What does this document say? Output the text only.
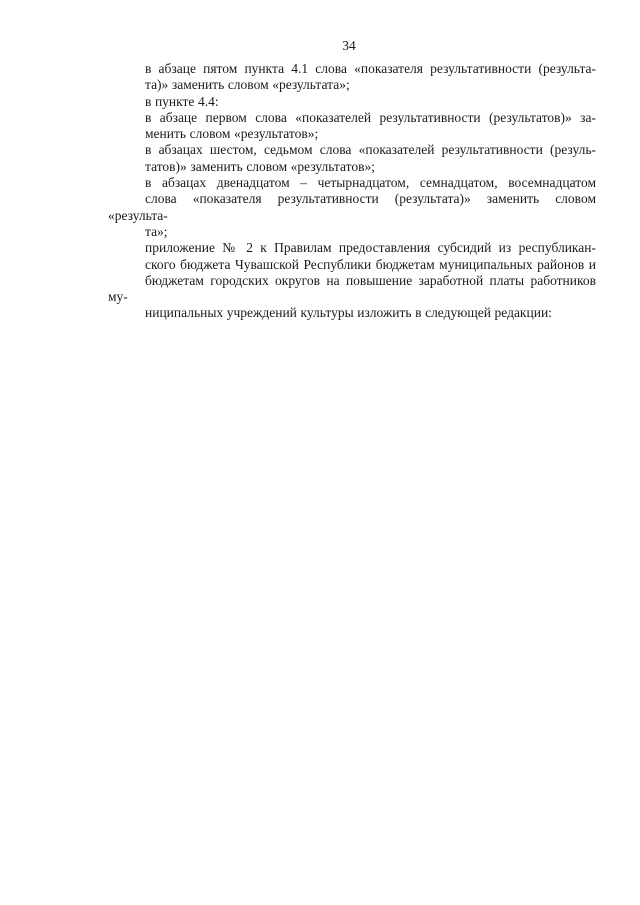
34

в абзаце пятом пункта 4.1 слова «показателя результативности (результа-
та)» заменить словом «результата»;

в пункте 4.4:

в абзаце первом слова «показателей результативности (результатов)» за-
менить словом «результатов»;

в абзацах шестом, седьмом слова «показателей результативности (резуль-
татов)» заменить словом «результатов»;

в абзацах двенадцатом – четырнадцатом, семнадцатом, восемнадцатом
слова «показателя результативности (результата)» заменить словом «результа-
та»;

приложение № 2 к Правилам предоставления субсидий из республикан-
ского бюджета Чувашской Республики бюджетам муниципальных районов и
бюджетам городских округов на повышение заработной платы работников му-
ниципальных учреждений культуры изложить в следующей редакции:
